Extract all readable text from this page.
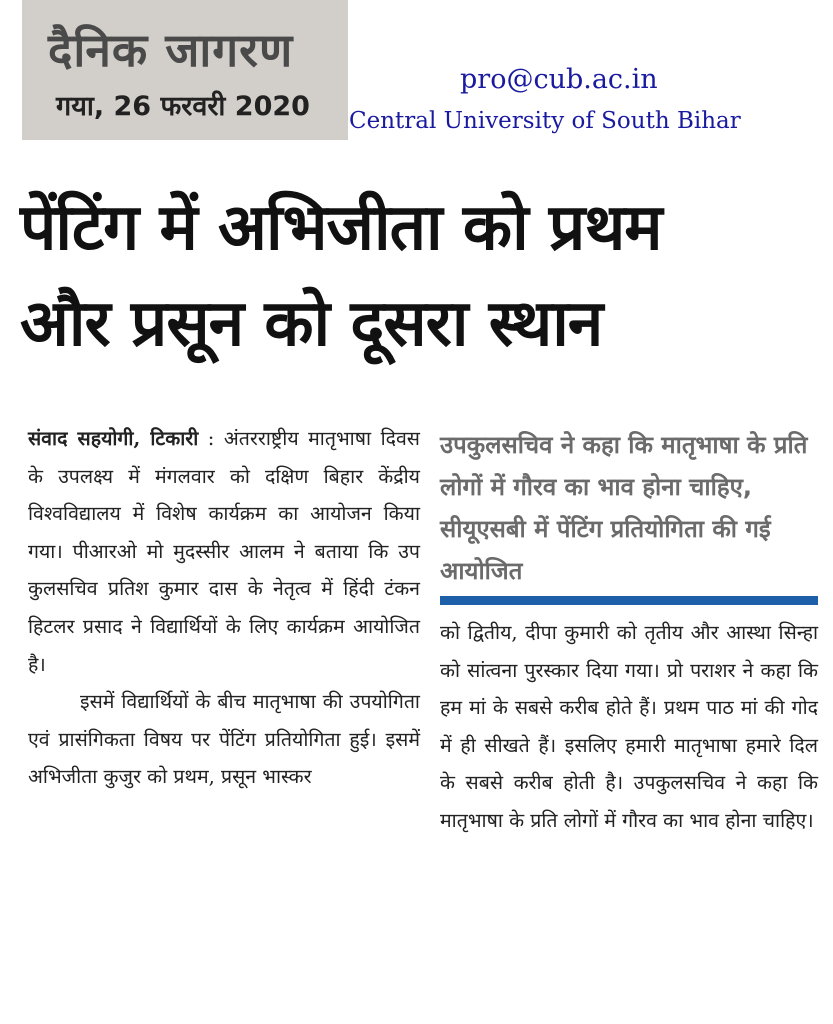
दैनिक जागरण
गया, 26 फरवरी 2020
pro@cub.ac.in
Central University of South Bihar
पेंटिंग में अभिजीता को प्रथम
और प्रसून को दूसरा स्थान

संवाद सहयोगी, टिकारी : अंतरराष्ट्रीय मातृभाषा दिवस के उपलक्ष्य में मंगलवार को दक्षिण बिहार केंद्रीय विश्वविद्यालय में विशेष कार्यक्रम का आयोजन किया गया। पीआरओ मो मुदस्सीर आलम ने बताया कि उप कुलसचिव प्रतिश कुमार दास के नेतृत्व में हिंदी टंकन हिटलर प्रसाद ने विद्यार्थियों के लिए कार्यक्रम आयोजित है।

इसमें विद्यार्थियों के बीच मातृभाषा की उपयोगिता एवं प्रासंगिकता विषय पर पेंटिंग प्रतियोगिता हुई। इसमें अभिजीता कुजुर को प्रथम, प्रसून भास्कर

उपकुलसचिव ने कहा कि मातृभाषा के प्रति लोगों में गौरव का भाव होना चाहिए, सीयूएसबी में पेंटिंग प्रतियोगिता की गई आयोजित

को द्वितीय, दीपा कुमारी को तृतीय और आस्था सिन्हा को सांत्वना पुरस्कार दिया गया। प्रो पराशर ने कहा कि हम मां के सबसे करीब होते हैं। प्रथम पाठ मां की गोद में ही सीखते हैं। इसलिए हमारी मातृभाषा हमारे दिल के सबसे करीब होती है। उपकुलसचिव ने कहा कि मातृभाषा के प्रति लोगों में गौरव का भाव होना चाहिए।
